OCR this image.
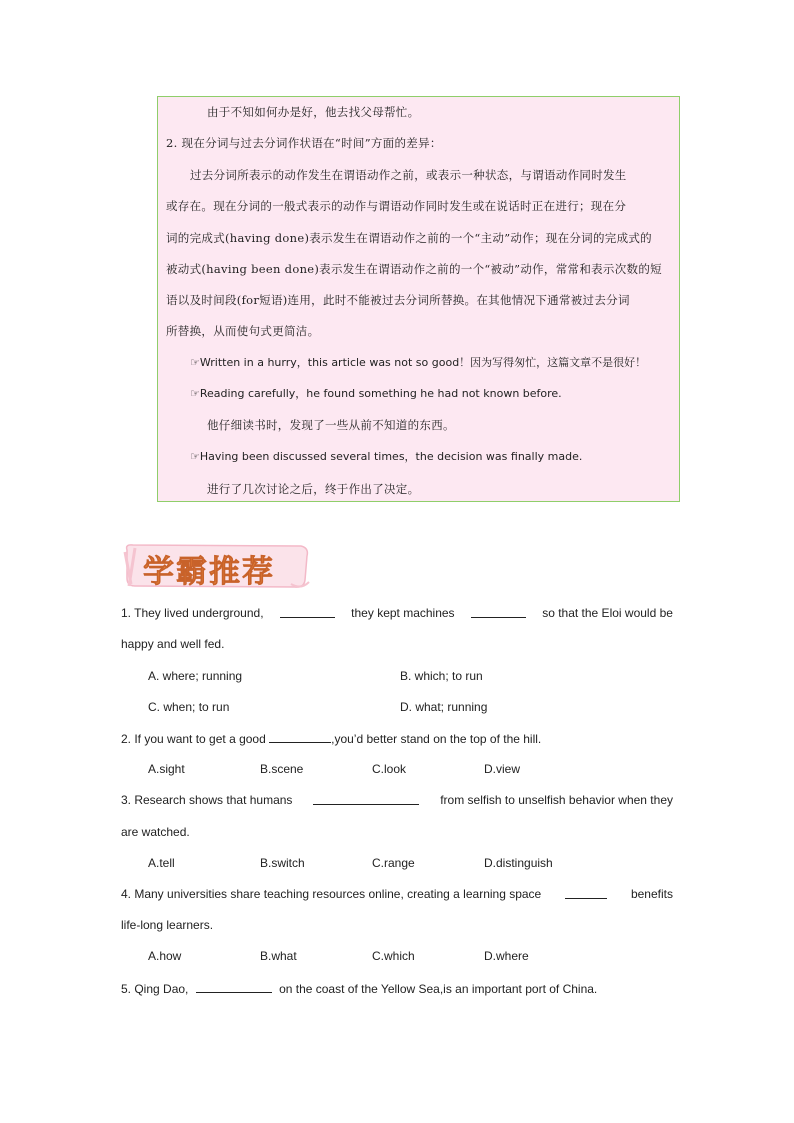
由于不知如何办是好，他去找父母帮忙。
2. 现在分词与过去分词作状语在“时间”方面的差异：
过去分词所表示的动作发生在谓语动作之前，或表示一种状态，与谓语动作同时发生
或存在。现在分词的一般式表示的动作与谓语动作同时发生或在说话时正在进行；现在分
词的完成式(having done)表示发生在谓语动作之前的一个“主动”动作；现在分词的完成式的
被动式(having been done)表示发生在谓语动作之前的一个“被动”动作，常常和表示次数的短
语以及时间段(for短语)连用，此时不能被过去分词所替换。在其他情况下通常被过去分词
所替换，从而使句式更简洁。
☞Written in a hurry，this article was not so good！因为写得匆忙，这篇文章不是很好！
☞Reading carefully，he found something he had not known before.
他仔细读书时，发现了一些从前不知道的东西。
☞Having been discussed several times，the decision was finally made.
进行了几次讨论之后，终于作出了决定。
学霸推荐
1. They lived underground,	they kept machines	so that the Eloi would be
happy and well fed.
A. where; running	B. which; to run
C. when; to run	D. what; running
2. If you want to get a good	,you’d better stand on the top of the hill.
A.sight	B.scene	C.look	D.view
3. Research shows that humans	from selfish to unselfish behavior when they
are watched.
A.tell	B.switch	C.range	D.distinguish
4. Many universities share teaching resources online, creating a learning space	benefits
life-long learners.
A.how	B.what	C.which	D.where
5. Qing Dao,	on the coast of the Yellow Sea,is an important port of China.
